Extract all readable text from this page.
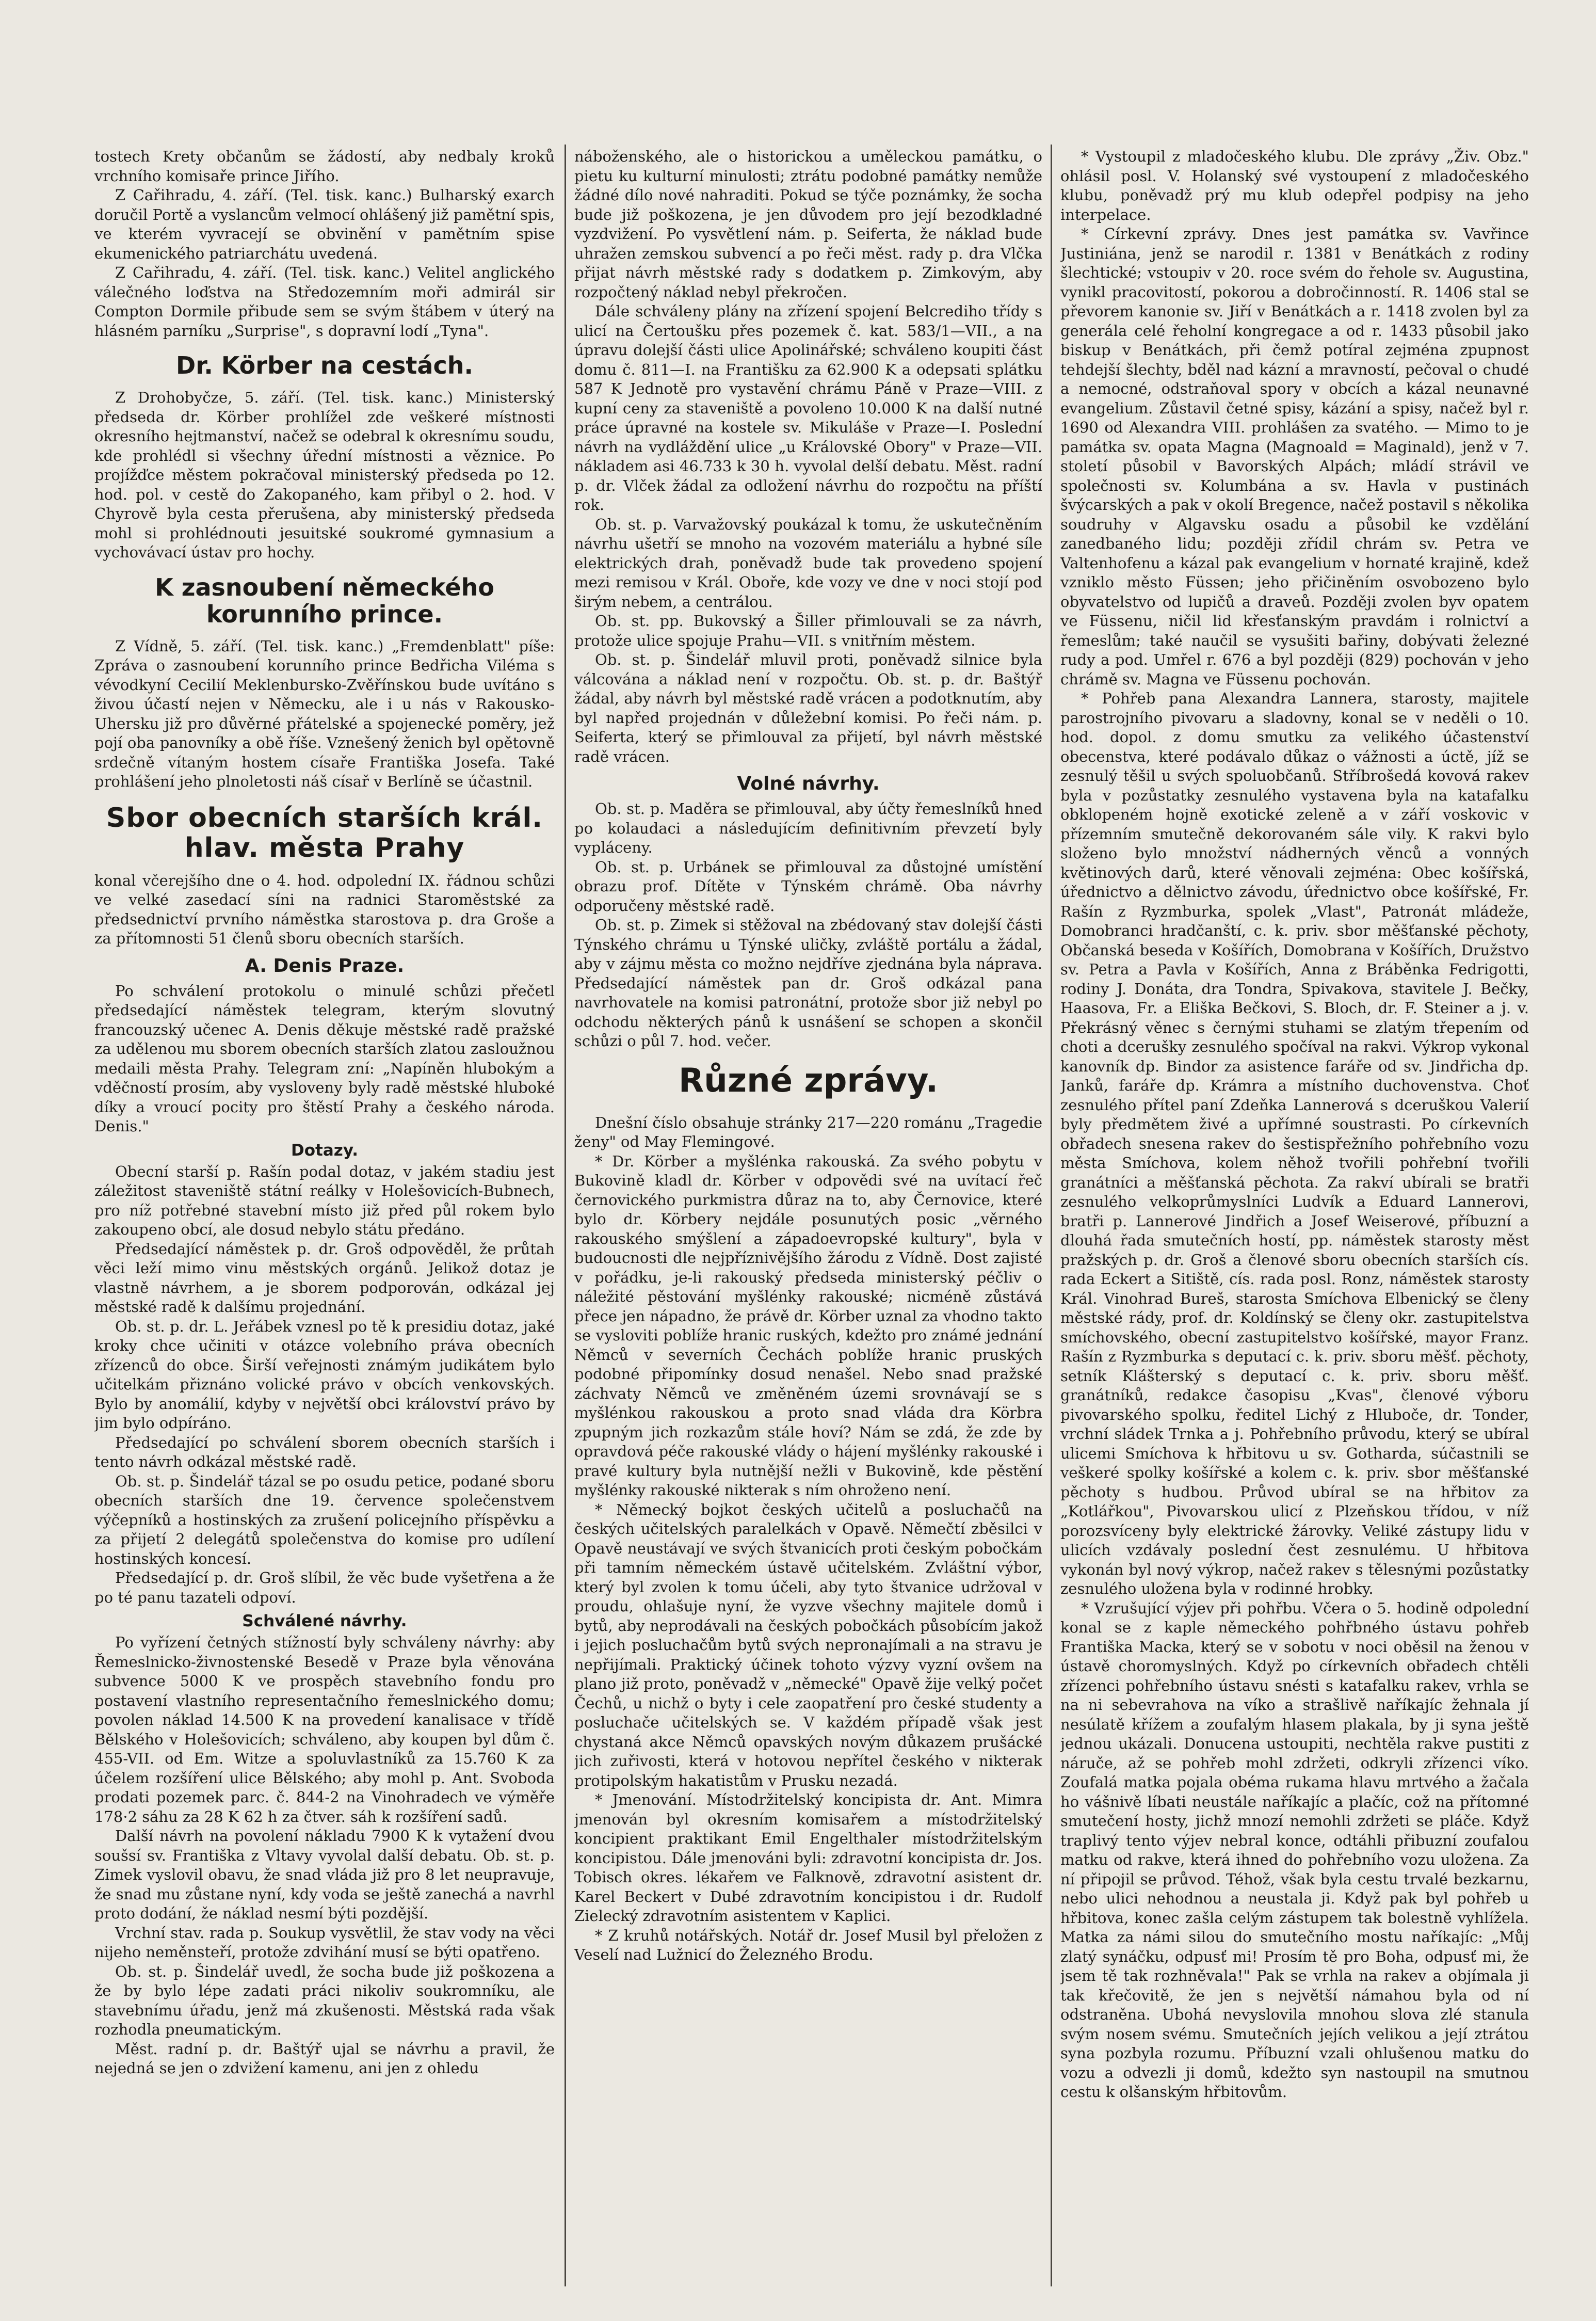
tostech Krety občanům se žádostí, aby nedbaly kroků vrchního komisaře prince Jiřího.

Z Cařihradu, 4. září. (Tel. tisk. kanc.) Bulharský exarch doručil Portě a vyslancům velmocí ohlášený již pamětní spis, ve kterém vyvracejí se obvinění v pamětním spise ekumenického patriarchátu uvedená.

Z Cařihradu, 4. září. (Tel. tisk. kanc.) Velitel anglického válečného loďstva na Středozemním moři admirál sir Compton Dormile přibude sem se svým štábem v úterý na hlásném parníku „Surprise", s dopravní lodí „Tyna".

Dr. Körber na cestách.

Z Drohobyčze, 5. září. (Tel. tisk. kanc.) Ministerský předseda dr. Körber prohlížel zde veškeré místnosti okresního hejtmanství, načež se odebral k okresnímu soudu, kde prohlédl si všechny úřední místnosti a věznice. Po projížďce městem pokračoval ministerský předseda po 12. hod. pol. v cestě do Zakopaného, kam přibyl o 2. hod. V Chyrově byla cesta přerušena, aby ministerský předseda mohl si prohlédnouti jesuitské soukromé gymnasium a vychovávací ústav pro hochy.

K zasnoubení německého korunního prince.

Z Vídně, 5. září. (Tel. tisk. kanc.) „Fremdenblatt" píše: Zpráva o zasnoubení korunního prince Bedřicha Viléma s vévodkyní Cecilií Meklenbursko-Zvěřínskou bude uvítáno s živou účastí nejen v Německu, ale i u nás v Rakousko-Uhersku již pro důvěrné přátelské a spojenecké poměry, jež pojí oba panovníky a obě říše. Vznešený ženich byl opětovně srdečně vítaným hostem císaře Františka Josefa. Také prohlášení jeho plnoletosti náš císař v Berlíně se účastnil.

Sbor obecních starších král. hlav. města Prahy

konal včerejšího dne o 4. hod. odpolední IX. řádnou schůzi ve velké zasedací síni na radnici Staroměstské za předsednictví prvního náměstka starostova p. dra Groše a za přítomnosti 51 členů sboru obecních starších.

A. Denis Praze.

Po schválení protokolu o minulé schůzi přečetl předsedající náměstek telegram, kterým slovutný francouzský učenec A. Denis děkuje městské radě pražské za udělenou mu sborem obecních starších zlatou zasloužnou medaili města Prahy. Telegram zní: „Napíněn hlubokým a vděčností prosím, aby vysloveny byly radě městské hluboké díky a vroucí pocity pro štěstí Prahy a českého národa. Denis."

Dotazy.

Obecní starší p. Rašín podal dotaz, v jakém stadiu jest záležitost staveniště státní reálky v Holešovicích-Bubnech, pro níž potřebné stavební místo již před půl rokem bylo zakoupeno obcí, ale dosud nebylo státu předáno.

Předsedající náměstek p. dr. Groš odpověděl, že průtah věci leží mimo vinu městských orgánů. Jelikož dotaz je vlastně návrhem, a je sborem podporován, odkázal jej městské radě k dalšímu projednání.

Ob. st. p. dr. L. Jeřábek vznesl po tě k presidiu dotaz, jaké kroky chce učiniti v otázce volebního práva obecních zřízenců do obce. Širší veřejnosti známým judikátem bylo učitelkám přiznáno volické právo v obcích venkovských. Bylo by anomálií, kdyby v největší obci království právo by jim bylo odpíráno.

Předsedající po schválení sborem obecních starších i tento návrh odkázal městské radě.

Ob. st. p. Šindelář tázal se po osudu petice, podané sboru obecních starších dne 19. července společenstvem výčepníků a hostinských za zrušení policejního příspěvku a za přijetí 2 delegátů společenstva do komise pro udílení hostinských koncesí.

Předsedající p. dr. Groš slíbil, že věc bude vyšetřena a že po té panu tazateli odpoví.

Schválené návrhy.

Po vyřízení četných stížností byly schváleny návrhy: aby Řemeslnicko-živnostenské Besedě v Praze byla věnována subvence 5000 K ve prospěch stavebního fondu pro postavení vlastního representačního řemeslnického domu; povolen náklad 14.500 K na provedení kanalisace v třídě Bělského v Holešovicích; schváleno, aby koupen byl dům č. 455-VII. od Em. Witze a spoluvlastníků za 15.760 K za účelem rozšíření ulice Bělského; aby mohl p. Ant. Svoboda prodati pozemek parc. č. 844-2 na Vinohradech ve výměře 178·2 sáhu za 28 K 62 h za čtver. sáh k rozšíření sadů.

Další návrh na povolení nákladu 7900 K k vytažení dvou soušsí sv. Františka z Vltavy vyvolal další debatu. Ob. st. p. Zimek vyslovil obavu, že snad vláda již pro 8 let neupravuje, že snad mu zůstane nyní, kdy voda se ještě zanechá a navrhl proto dodání, že náklad nesmí býti pozdější.

Vrchní stav. rada p. Soukup vysvětlil, že stav vody na věci nijeho neměnsteří, protože zdvihání musí se býti opatřeno.

Ob. st. p. Šindelář uvedl, že socha bude již poškozena a že by bylo lépe zadati práci nikoliv soukromníku, ale stavebnímu úřadu, jenž má zkušenosti. Městská rada však rozhodla pneumatickým.

Měst. radní p. dr. Baštýř ujal se návrhu a pravil, že nejedná se jen o zdvižení kamenu, ani jen z ohledu

náboženského, ale o historickou a uměleckou památku, o pietu ku kulturní minulosti; ztrátu podobné památky nemůže žádné dílo nové nahraditi. Pokud se týče poznámky, že socha bude již poškozena, je jen důvodem pro její bezodkladné vyzdvižení. Po vysvětlení nám. p. Seiferta, že náklad bude uhražen zemskou subvencí a po řeči měst. rady p. dra Vlčka přijat návrh městské rady s dodatkem p. Zimkovým, aby rozpočtený náklad nebyl překročen.

Dále schváleny plány na zřízení spojení Belcrediho třídy s ulicí na Čertoušku přes pozemek č. kat. 583/1—VII., a na úpravu dolejší části ulice Apolinářské; schváleno koupiti část domu č. 811—I. na Františku za 62.900 K a odepsati splátku 587 K Jednotě pro vystavění chrámu Páně v Praze—VIII. z kupní ceny za staveniště a povoleno 10.000 K na další nutné práce úpravné na kostele sv. Mikuláše v Praze—I. Poslední návrh na vydláždění ulice „u Královské Obory" v Praze—VII. nákladem asi 46.733 k 30 h. vyvolal delší debatu. Měst. radní p. dr. Vlček žádal za odložení návrhu do rozpočtu na příští rok.

Ob. st. p. Varvažovský poukázal k tomu, že uskutečněním návrhu ušetří se mnoho na vozovém materiálu a hybné síle elektrických drah, poněvadž bude tak provedeno spojení mezi remisou v Král. Oboře, kde vozy ve dne v noci stojí pod širým nebem, a centrálou.

Ob. st. pp. Bukovský a Šiller přimlouvali se za návrh, protože ulice spojuje Prahu—VII. s vnitřním městem.

Ob. st. p. Šindelář mluvil proti, poněvadž silnice byla válcována a náklad není v rozpočtu. Ob. st. p. dr. Baštýř žádal, aby návrh byl městské radě vrácen a podotknutím, aby byl napřed projednán v důležební komisi. Po řeči nám. p. Seiferta, který se přimlouval za přijetí, byl návrh městské radě vrácen.

Volné návrhy.

Ob. st. p. Maděra se přimlouval, aby účty řemeslníků hned po kolaudaci a následujícím definitivním převzetí byly vypláceny.

Ob. st. p. Urbánek se přimlouval za důstojné umístění obrazu prof. Dítěte v Týnském chrámě. Oba návrhy odporučeny městské radě.

Ob. st. p. Zimek si stěžoval na zbédovaný stav dolejší části Týnského chrámu u Týnské uličky, zvláště portálu a žádal, aby v zájmu města co možno nejdříve zjednána byla náprava. Předsedající náměstek pan dr. Groš odkázal pana navrhovatele na komisi patronátní, protože sbor již nebyl po odchodu některých pánů k usnášení se schopen a skončil schůzi o půl 7. hod. večer.

Různé zprávy.

Dnešní číslo obsahuje stránky 217—220 románu „Tragedie ženy" od May Flemingové.

* Dr. Körber a myšlénka rakouská. Za svého pobytu v Bukovině kladl dr. Körber v odpovědi své na uvítací řeč černovického purkmistra důraz na to, aby Černovice, které bylo dr. Körbery nejdále posunutých posic „věrného rakouského smýšlení a západoevropské kultury", byla v budoucnosti dle nejpříznivějšího žárodu z Vídně. Dost zajisté v pořádku, je-li rakouský předseda ministerský péčliv o náležité pěstování myšlénky rakouské; nicméně zůstává přece jen nápadno, že právě dr. Körber uznal za vhodno takto se vysloviti poblíže hranic ruských, kdežto pro známé jednání Němců v severních Čechách poblíže hranic pruských podobné připomínky dosud nenašel. Nebo snad pražské záchvaty Němců ve změněném územi srovnávají se s myšlénkou rakouskou a proto snad vláda dra Körbra zpupným jich rozkazům stále hoví? Nám se zdá, že zde by opravdová péče rakouské vlády o hájení myšlénky rakouské i pravé kultury byla nutnější nežli v Bukovině, kde pěstění myšlénky rakouské nikterak s ním ohroženo není.

* Německý bojkot českých učitelů a posluchačů na českých učitelských paralelkách v Opavě. Němečtí zběsilci v Opavě neustávají ve svých štvanicích proti českým pobočkám při tamním německém ústavě učitelském. Zvláštní výbor, který byl zvolen k tomu účeli, aby tyto štvanice udržoval v proudu, ohlašuje nyní, že vyzve všechny majitele domů i bytů, aby neprodávali na českých pobočkách působícím jakož i jejich posluchačům bytů svých nepronajímali a na stravu je nepřijímali. Praktický účinek tohoto výzvy vyzní ovšem na plano již proto, poněvadž v „německé" Opavě žije velký počet Čechů, u nichž o byty i cele zaopatření pro české studenty a posluchače učitelských se. V každém případě však jest chystaná akce Němců opavských novým důkazem prušácké jich zuřivosti, která v hotovou nepřítel českého v nikterak protipolským hakatistům v Prusku nezadá.

* Jmenování. Místodržitelský koncipista dr. Ant. Mimra jmenován byl okresním komisařem a místodržitelský koncipient praktikant Emil Engelthaler místodržitelským koncipistou. Dále jmenováni byli: zdravotní koncipista dr. Jos. Tobisch okres. lékařem ve Falknově, zdravotní asistent dr. Karel Beckert v Dubé zdravotním koncipistou i dr. Rudolf Zielecký zdravotním asistentem v Kaplici.

* Z kruhů notářských. Notář dr. Josef Musil byl přeložen z Veselí nad Lužnicí do Železného Brodu.

* Vystoupil z mladočeského klubu. Dle zprávy „Živ. Obz." ohlásil posl. V. Holanský své vystoupení z mladočeského klubu, poněvadž prý mu klub odepřel podpisy na jeho interpelace.

* Církevní zprávy. Dnes jest památka sv. Vavřince Justiniána, jenž se narodil r. 1381 v Benátkách z rodiny šlechtické; vstoupiv v 20. roce svém do řehole sv. Augustina, vynikl pracovitostí, pokorou a dobročinností. R. 1406 stal se převorem kanonie sv. Jiří v Benátkách a r. 1418 zvolen byl za generála celé řeholní kongregace a od r. 1433 působil jako biskup v Benátkách, při čemž potíral zejména zpupnost tehdejší šlechty, bděl nad kázní a mravností, pečoval o chudé a nemocné, odstraňoval spory v obcích a kázal neunavné evangelium. Zůstavil četné spisy, kázání a spisy, načež byl r. 1690 od Alexandra VIII. prohlášen za svatého. — Mimo to je památka sv. opata Magna (Magnoald = Maginald), jenž v 7. století působil v Bavorských Alpách; mládí strávil ve společnosti sv. Kolumbána a sv. Havla v pustinách švýcarských a pak v okolí Bregence, načež postavil s několika soudruhy v Algavsku osadu a působil ke vzdělání zanedbaného lidu; později zřídil chrám sv. Petra ve Valtenhofenu a kázal pak evangelium v hornaté krajině, kdež vzniklo město Füssen; jeho přičiněním osvobozeno bylo obyvatelstvo od lupičů a draveů. Později zvolen byv opatem ve Füssenu, ničil lid křesťanským pravdám i rolnictví a řemeslům; také naučil se vysušiti bařiny, dobývati železné rudy a pod. Umřel r. 676 a byl později (829) pochován v jeho chrámě sv. Magna ve Füssenu pochován.

* Pohřeb pana Alexandra Lannera, starosty, majitele parostrojního pivovaru a sladovny, konal se v neděli o 10. hod. dopol. z domu smutku za velikého účastenství obecenstva, které podávalo důkaz o vážnosti a úctě, jíž se zesnulý těšil u svých spoluobčanů. Stříbrošedá kovová rakev byla v pozůstatky zesnulého vystavena byla na katafalku obklopeném hojně exotické zeleně a v září voskovic v přízemním smutečně dekorovaném sále vily. K rakvi bylo složeno bylo množství nádherných věnců a vonných květinových darů, které věnovali zejména: Obec košířská, úřednictvo a dělnictvo závodu, úřednictvo obce košířské, Fr. Rašín z Ryzmburka, spolek „Vlast", Patronát mládeže, Domobranci hradčanští, c. k. priv. sbor měšťanské pěchoty, Občanská beseda v Košířích, Domobrana v Košířích, Družstvo sv. Petra a Pavla v Košířích, Anna z Bráběnka Fedrigotti, rodiny J. Donáta, dra Tondra, Spivakova, stavitele J. Bečky, Haasova, Fr. a Eliška Bečkovi, S. Bloch, dr. F. Steiner a j. v. Překrásný věnec s černými stuhami se zlatým třepením od choti a dcerušky zesnulého spočíval na rakvi. Výkrop vykonal kanovník dp. Bindor za asistence faráře od sv. Jindřicha dp. Janků, faráře dp. Krámra a místního duchovenstva. Choť zesnulého přítel paní Zdeňka Lannerová s dceruškou Valerií byly předmětem živé a upřímné soustrasti. Po církevních obřadech snesena rakev do šestispřežního pohřebního vozu města Smíchova, kolem něhož tvořili pohřební tvořili granátníci a měšťanská pěchota. Za rakví ubírali se bratři zesnulého velkoprůmyslníci Ludvík a Eduard Lannerovi, bratři p. Lannerové Jindřich a Josef Weiserové, příbuzní a dlouhá řada smutečních hostí, pp. náměstek starosty měst pražských p. dr. Groš a členové sboru obecních starších cís. rada Eckert a Sitiště, cís. rada posl. Ronz, náměstek starosty Král. Vinohrad Bureš, starosta Smíchova Elbenický se členy městské rády, prof. dr. Koldínský se členy okr. zastupitelstva smíchovského, obecní zastupitelstvo košířské, mayor Franz. Rašín z Ryzmburka s deputací c. k. priv. sboru měšť. pěchoty, setník Klášterský s deputací c. k. priv. sboru měšť. granátníků, redakce časopisu „Kvas", členové výboru pivovarského spolku, ředitel Lichý z Hluboče, dr. Tonder, vrchní sládek Trnka a j. Pohřebního průvodu, který se ubíral ulicemi Smíchova k hřbitovu u sv. Gotharda, súčastnili se veškeré spolky košířské a kolem c. k. priv. sbor měšťanské pěchoty s hudbou. Průvod ubíral se na hřbitov za „Kotlářkou", Pivovarskou ulicí z Plzeňskou třídou, v níž porozsvíceny byly elektrické žárovky. Veliké zástupy lidu v ulicích vzdávaly poslední čest zesnulému. U hřbitova vykonán byl nový výkrop, načež rakev s tělesnými pozůstatky zesnulého uložena byla v rodinné hrobky.

* Vzrušující výjev při pohřbu. Včera o 5. hodině odpolední konal se z kaple německého pohřbného ústavu pohřeb Františka Macka, který se v sobotu v noci oběsil na ženou v ústavě choromyslných. Když po církevních obřadech chtěli zřízenci pohřebního ústavu snésti s katafalku rakev, vrhla se na ni sebevrahova na víko a strašlivě naříkajíc žehnala jí nesúlatě křížem a zoufalým hlasem plakala, by ji syna ještě jednou ukázali. Donucena ustoupiti, nechtěla rakve pustiti z náruče, až se pohřeb mohl zdržeti, odkryli zřízenci víko. Zoufalá matka pojala obéma rukama hlavu mrtvého a žačala ho vášnivě líbati neustále naříkajíc a plačíc, což na přítomné smutečení hosty, jichž mnozí nemohli zdržeti se pláče. Když traplivý tento výjev nebral konce, odtáhli přibuzní zoufalou matku od rakve, která ihned do pohřebního vozu uložena. Za ní připojil se průvod. Téhož, však byla cestu trvalé bezkarnu, nebo ulici nehodnou a neustala ji. Když pak byl pohřeb u hřbitova, konec zašla celým zástupem tak bolestně vyhlížela. Matka za námi silou do smutečního mostu naříkajíc: „Můj zlatý synáčku, odpusť mi! Prosím tě pro Boha, odpusť mi, že jsem tě tak rozhněvala!" Pak se vrhla na rakev a objímala ji tak křečovitě, že jen s největší námahou byla od ní odstraněna. Ubohá nevyslovila mnohou slova zlé stanula svým nosem svému. Smutečních jejích velikou a její ztrátou syna pozbyla rozumu. Příbuzní vzali ohlušenou matku do vozu a odvezli ji domů, kdežto syn nastoupil na smutnou cestu k olšanským hřbitovům.
